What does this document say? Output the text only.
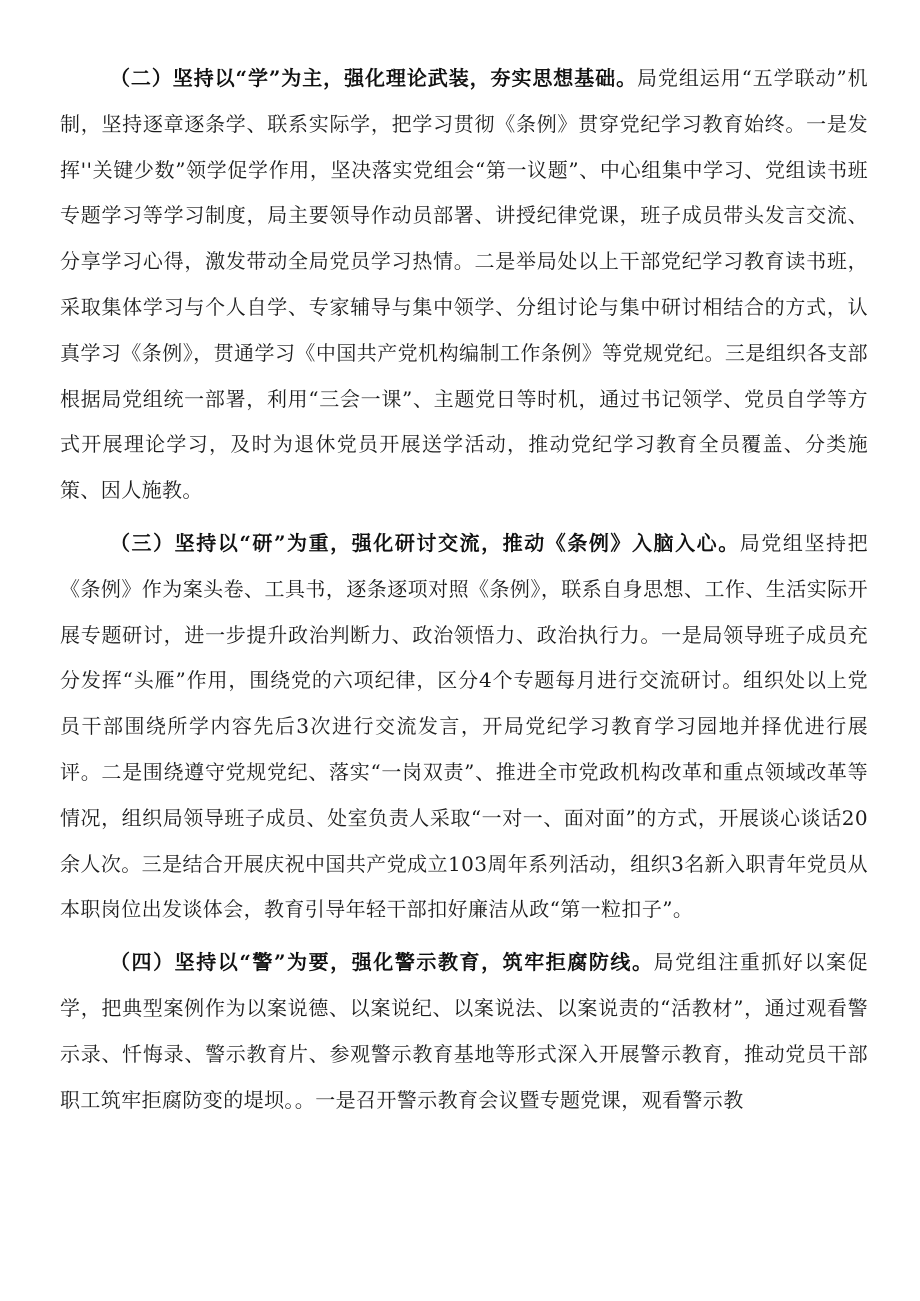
（二）坚持以“学”为主，强化理论武装，夯实思想基础。局党组运用“五学联动”机制，坚持逐章逐条学、联系实际学，把学习贯彻《条例》贯穿党纪学习教育始终。一是发挥''关键少数”领学促学作用，坚决落实党组会“第一议题”、中心组集中学习、党组读书班专题学习等学习制度，局主要领导作动员部署、讲授纪律党课，班子成员带头发言交流、分享学习心得，激发带动全局党员学习热情。二是举局处以上干部党纪学习教育读书班，采取集体学习与个人自学、专家辅导与集中领学、分组讨论与集中研讨相结合的方式，认真学习《条例》，贯通学习《中国共产党机构编制工作条例》等党规党纪。三是组织各支部根据局党组统一部署，利用“三会一课”、主题党日等时机，通过书记领学、党员自学等方式开展理论学习，及时为退休党员开展送学活动，推动党纪学习教育全员覆盖、分类施策、因人施教。

（三）坚持以“研”为重，强化研讨交流，推动《条例》入脑入心。局党组坚持把《条例》作为案头卷、工具书，逐条逐项对照《条例》，联系自身思想、工作、生活实际开展专题研讨，进一步提升政治判断力、政治领悟力、政治执行力。一是局领导班子成员充分发挥“头雁”作用，围绕党的六项纪律，区分4个专题每月进行交流研讨。组织处以上党员干部围绕所学内容先后3次进行交流发言，开局党纪学习教育学习园地并择优进行展评。二是围绕遵守党规党纪、落实“一岗双责”、推进全市党政机构改革和重点领域改革等情况，组织局领导班子成员、处室负责人采取“一对一、面对面”的方式，开展谈心谈话20余人次。三是结合开展庆祝中国共产党成立103周年系列活动，组织3名新入职青年党员从本职岗位出发谈体会，教育引导年轻干部扣好廉洁从政“第一粒扣子”。

（四）坚持以“警”为要，强化警示教育，筑牢拒腐防线。局党组注重抓好以案促学，把典型案例作为以案说德、以案说纪、以案说法、以案说责的“活教材”，通过观看警示录、忏悔录、警示教育片、参观警示教育基地等形式深入开展警示教育，推动党员干部职工筑牢拒腐防变的堤坝。。一是召开警示教育会议暨专题党课，观看警示教
